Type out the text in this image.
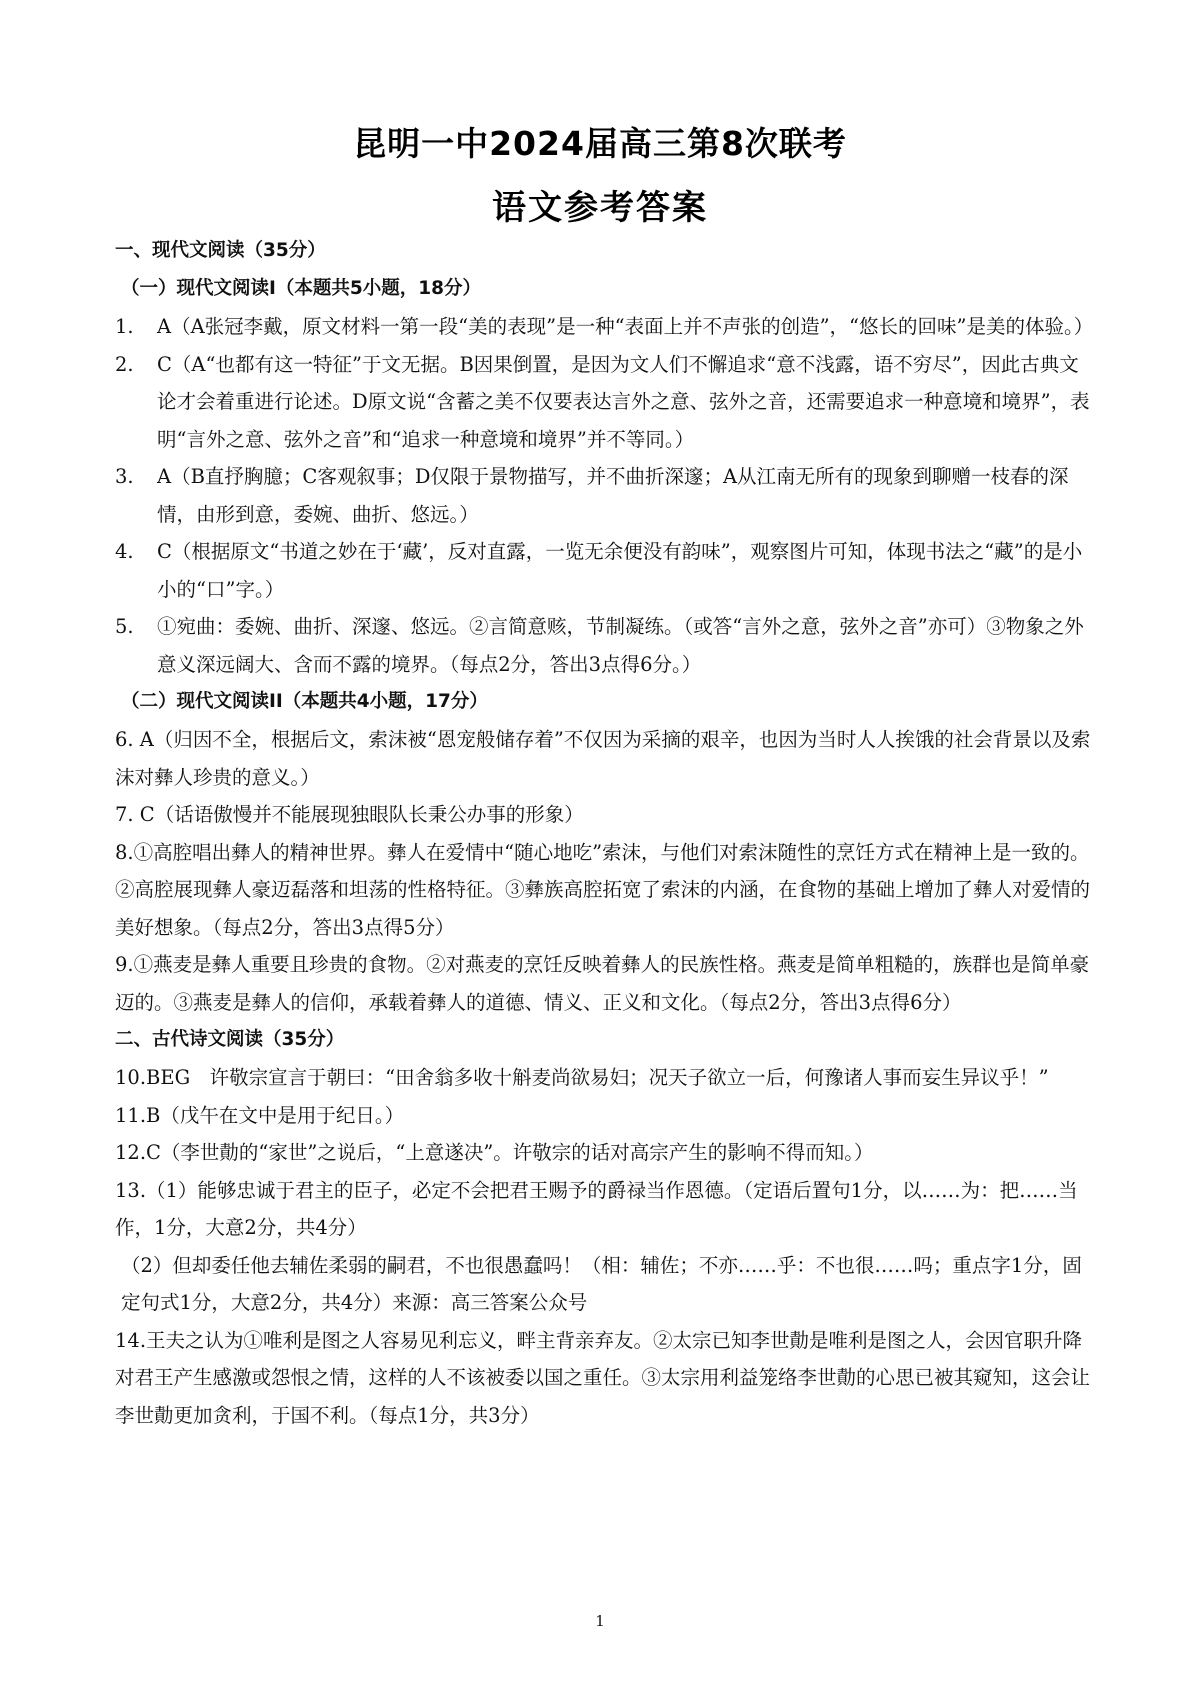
昆明一中2024届高三第8次联考
语文参考答案
一、现代文阅读（35分）
（一）现代文阅读Ⅰ（本题共5小题，18分）
1. A（A张冠李戴，原文材料一第一段“美的表现”是一种“表面上并不声张的创造”，“悠长的回味”是美的体验。）
2. C（A“也都有这一特征”于文无据。B因果倒置，是因为文人们不懈追求“意不浅露，语不穷尽”，因此古典文论才会着重进行论述。D原文说“含蓄之美不仅要表达言外之意、弦外之音，还需要追求一种意境和境界”，表明“言外之意、弦外之音”和“追求一种意境和境界”并不等同。）
3. A（B直抒胸臆；C客观叙事；D仅限于景物描写，并不曲折深邃；A从江南无所有的现象到聊赠一枝春的深情，由形到意，委婉、曲折、悠远。）
4. C（根据原文“书道之妙在于‘藏’，反对直露，一览无余便没有韵味”，观察图片可知，体现书法之“藏”的是小小的“口”字。）
5. ①宛曲：委婉、曲折、深邃、悠远。②言简意赅，节制凝练。（或答“言外之意，弦外之音”亦可）③物象之外意义深远阔大、含而不露的境界。（每点2分，答出3点得6分。）
（二）现代文阅读II（本题共4小题，17分）
6. A（归因不全，根据后文，索沫被“恩宠般储存着”不仅因为采摘的艰辛，也因为当时人人挨饿的社会背景以及索沫对彝人珍贵的意义。）
7. C（话语傲慢并不能展现独眼队长秉公办事的形象）
8.①高腔唱出彝人的精神世界。彝人在爱情中“随心地吃”索沫，与他们对索沫随性的烹饪方式在精神上是一致的。②高腔展现彝人豪迈磊落和坦荡的性格特征。③彝族高腔拓宽了索沫的内涵，在食物的基础上增加了彝人对爱情的美好想象。（每点2分，答出3点得5分）
9.①燕麦是彝人重要且珍贵的食物。②对燕麦的烹饪反映着彝人的民族性格。燕麦是简单粗糙的，族群也是简单豪迈的。③燕麦是彝人的信仰，承载着彝人的道德、情义、正义和文化。（每点2分，答出3点得6分）
二、古代诗文阅读（35分）
10.BEG　许敬宗宣言于朝曰：“田舍翁多收十斛麦尚欲易妇；况天子欲立一后，何豫诸人事而妄生异议乎！”
11.B（戊午在文中是用于纪日。）
12.C（李世勣的“家世”之说后，“上意遂决”。许敬宗的话对高宗产生的影响不得而知。）
13.（1）能够忠诚于君主的臣子，必定不会把君王赐予的爵禄当作恩德。（定语后置句1分，以……为：把……当作，1分，大意2分，共4分）
（2）但却委任他去辅佐柔弱的嗣君，不也很愚蠢吗！（相：辅佐；不亦……乎：不也很……吗；重点字1分，固定句式1分，大意2分，共4分）来源：高三答案公众号
14.王夫之认为①唯利是图之人容易见利忘义，畔主背亲弃友。②太宗已知李世勣是唯利是图之人，会因官职升降对君王产生感激或怨恨之情，这样的人不该被委以国之重任。③太宗用利益笼络李世勣的心思已被其窥知，这会让李世勣更加贪利，于国不利。（每点1分，共3分）
1
